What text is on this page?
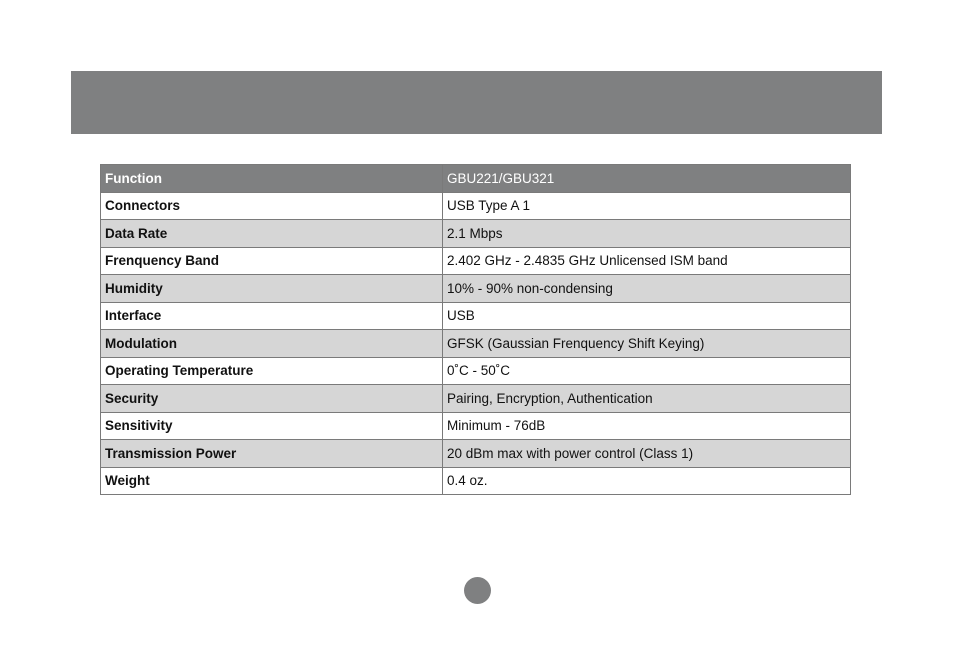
Function	GBU221/GBU321
Connectors	USB Type A 1
Data Rate	2.1 Mbps
Frenquency Band	2.402 GHz - 2.4835 GHz Unlicensed ISM band
Humidity	10% - 90% non-condensing
Interface	USB
Modulation	GFSK (Gaussian Frenquency Shift Keying)
Operating Temperature	0˚C - 50˚C
Security	Pairing, Encryption, Authentication
Sensitivity	Minimum - 76dB
Transmission Power	20 dBm max with power control (Class 1)
Weight	0.4 oz.
